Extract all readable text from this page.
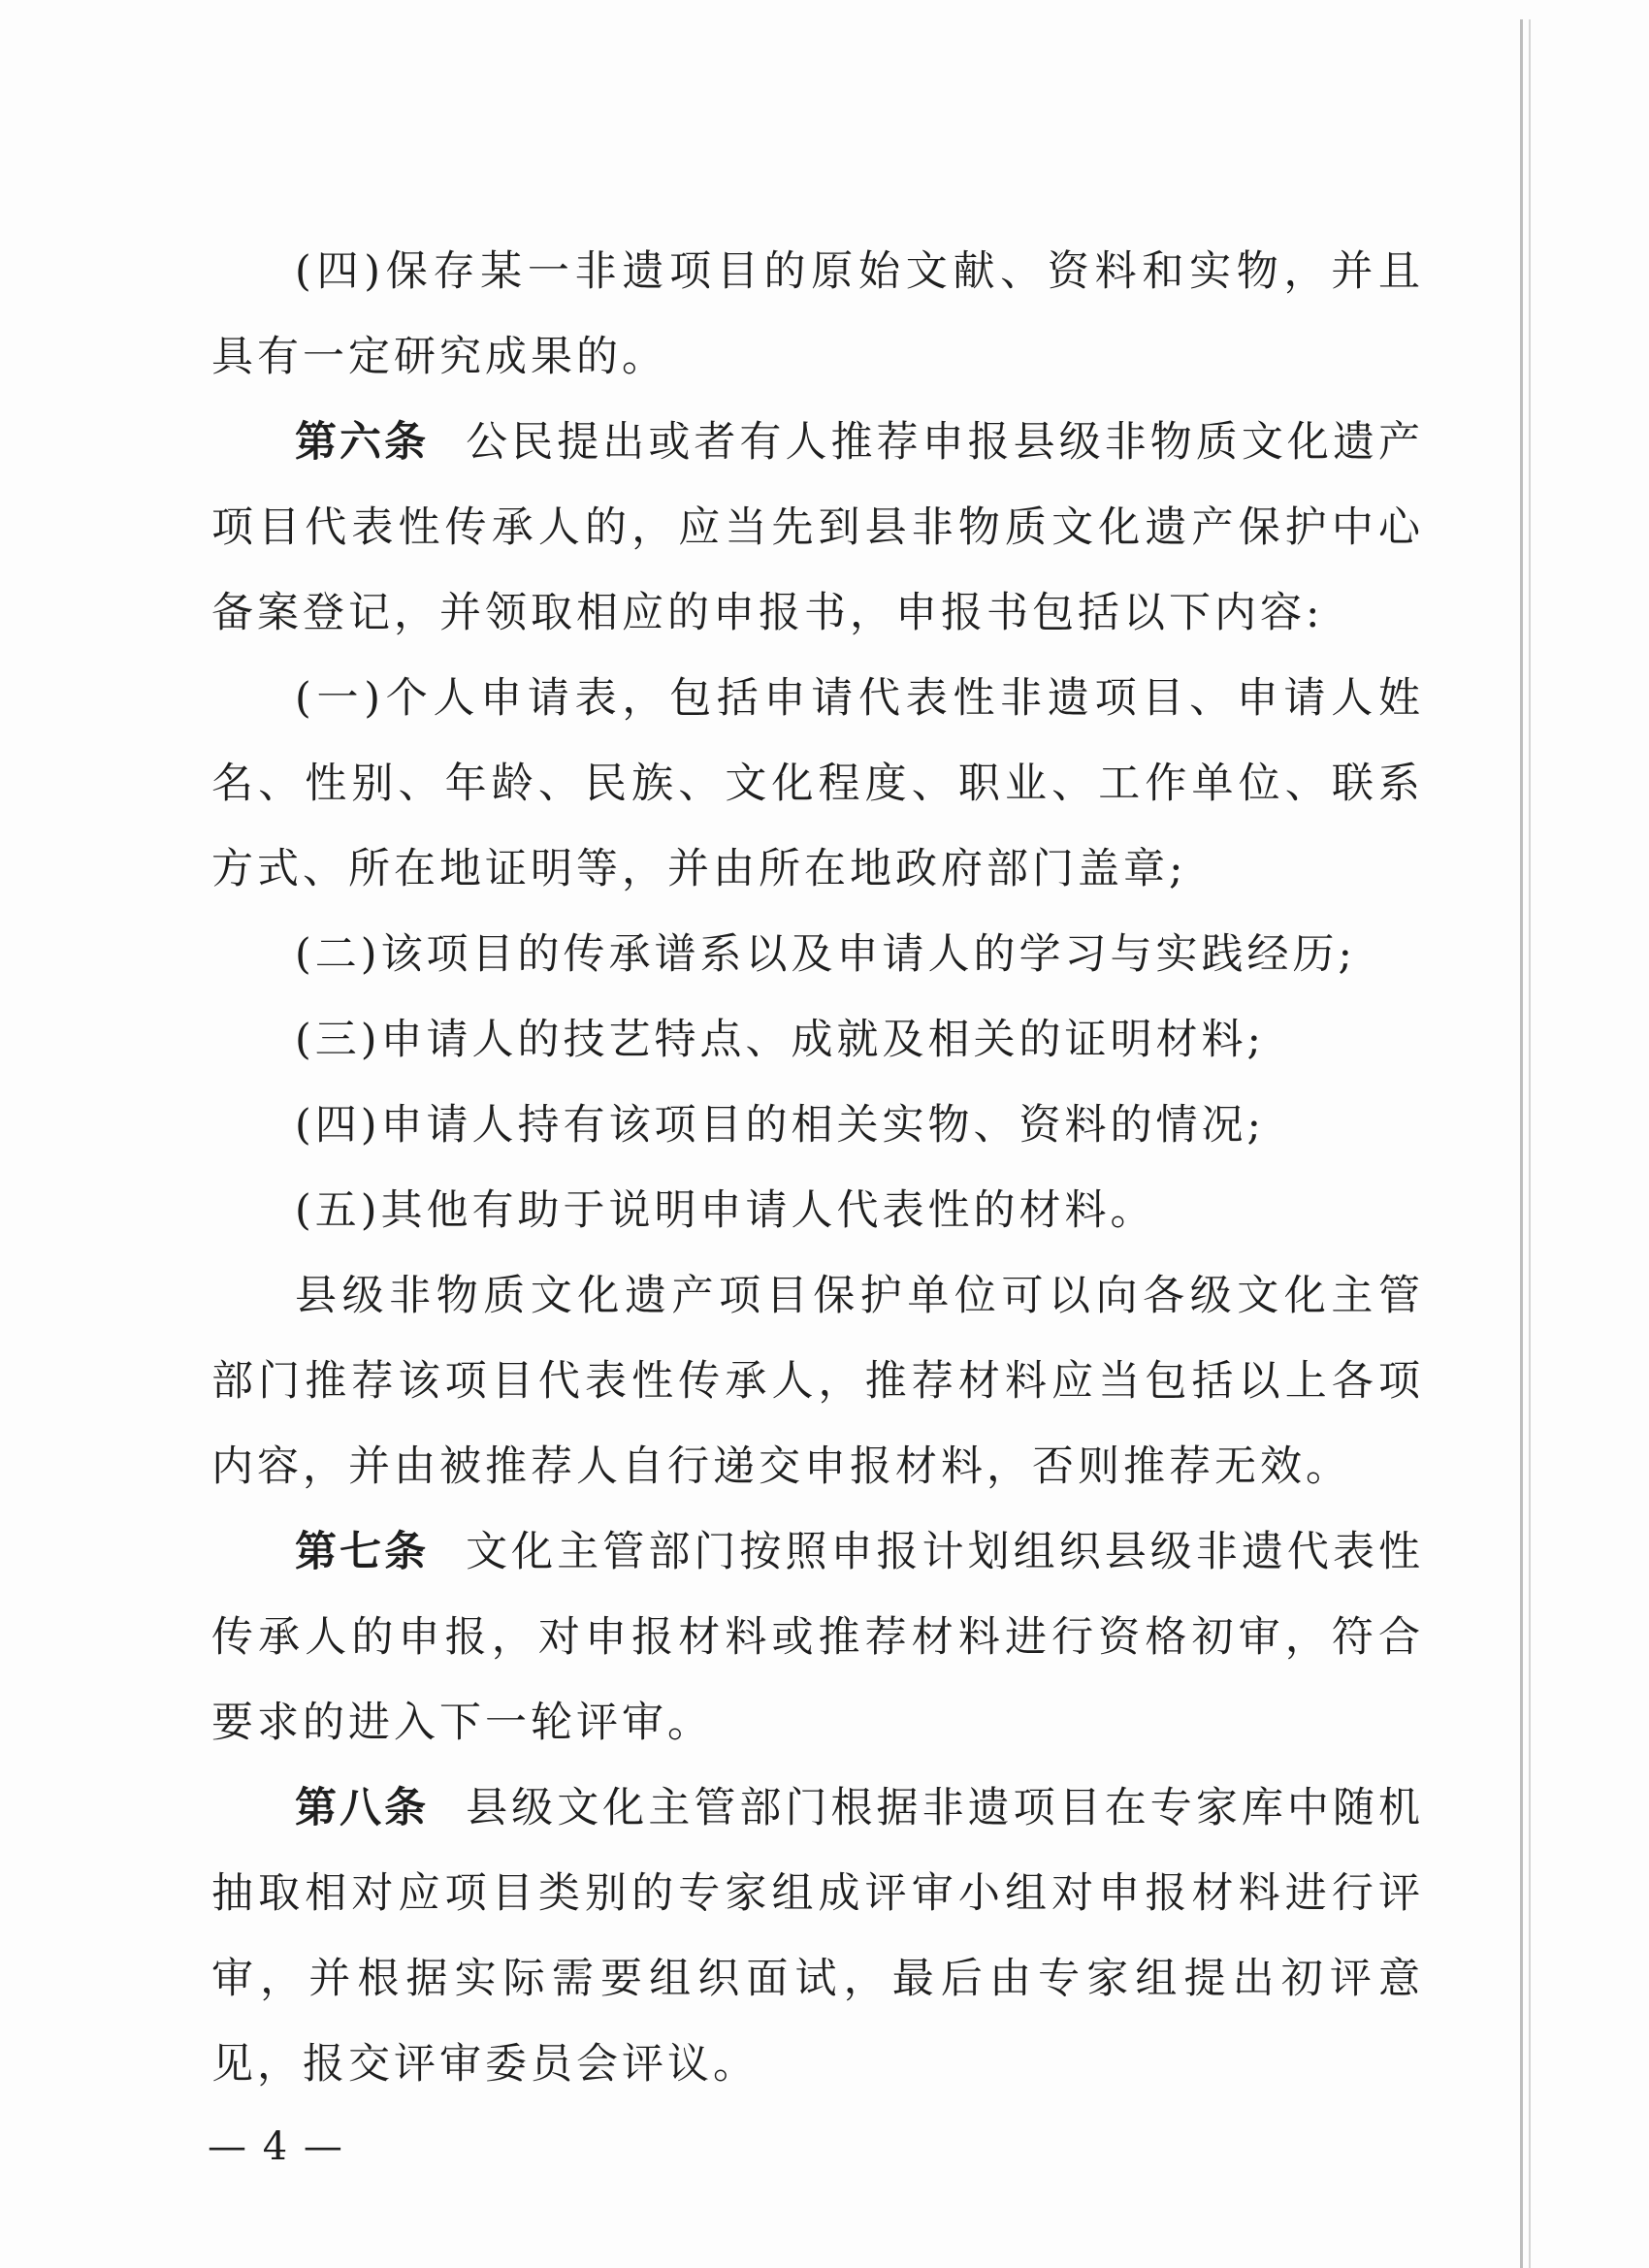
(四)保存某一非遗项目的原始文献、资料和实物，并且具有一定研究成果的。

第六条 公民提出或者有人推荐申报县级非物质文化遗产项目代表性传承人的，应当先到县非物质文化遗产保护中心备案登记，并领取相应的申报书，申报书包括以下内容:

(一)个人申请表，包括申请代表性非遗项目、申请人姓名、性别、年龄、民族、文化程度、职业、工作单位、联系方式、所在地证明等，并由所在地政府部门盖章;

(二)该项目的传承谱系以及申请人的学习与实践经历;

(三)申请人的技艺特点、成就及相关的证明材料;

(四)申请人持有该项目的相关实物、资料的情况;

(五)其他有助于说明申请人代表性的材料。

县级非物质文化遗产项目保护单位可以向各级文化主管部门推荐该项目代表性传承人，推荐材料应当包括以上各项内容，并由被推荐人自行递交申报材料，否则推荐无效。

第七条 文化主管部门按照申报计划组织县级非遗代表性传承人的申报，对申报材料或推荐材料进行资格初审，符合要求的进入下一轮评审。

第八条 县级文化主管部门根据非遗项目在专家库中随机抽取相对应项目类别的专家组成评审小组对申报材料进行评审，并根据实际需要组织面试，最后由专家组提出初评意见，报交评审委员会评议。

— 4 —
